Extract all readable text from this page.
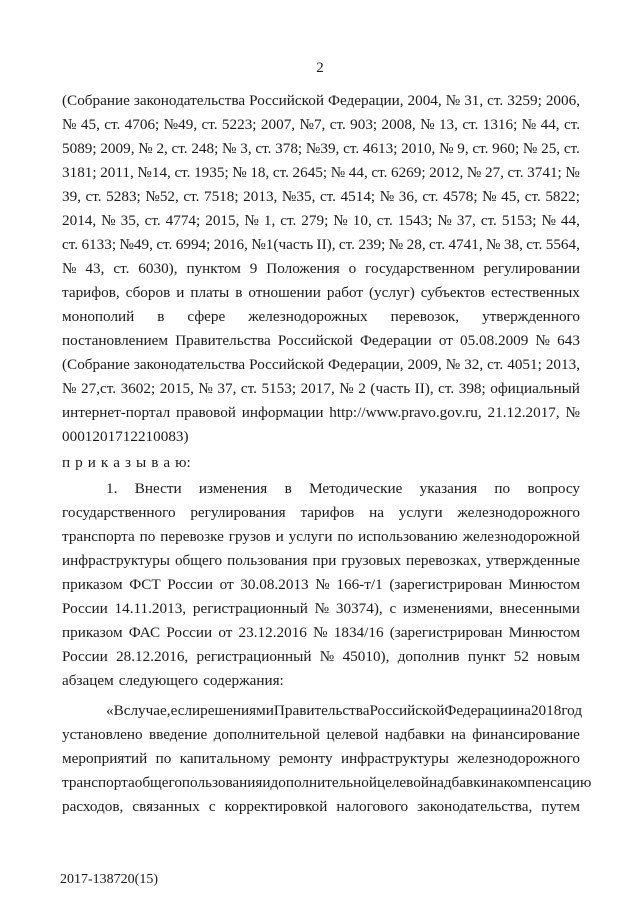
2
(Собрание законодательства Российской Федерации, 2004, № 31, ст. 3259; 2006,
№ 45, ст. 4706; №49, ст. 5223; 2007, №7, ст. 903; 2008, № 13, ст. 1316; № 44, ст.
5089; 2009, № 2, ст. 248; № 3, ст. 378; №39, ст. 4613; 2010, № 9, ст. 960; № 25, ст.
3181; 2011, №14, ст. 1935; № 18, ст. 2645; № 44, ст. 6269; 2012, № 27, ст. 3741; №
39, ст. 5283; №52, ст. 7518; 2013, №35, ст. 4514; № 36, ст. 4578; № 45, ст. 5822;
2014, № 35, ст. 4774; 2015, № 1, ст. 279; № 10, ст. 1543; № 37, ст. 5153; № 44,
ст. 6133; №49, ст. 6994; 2016, №1(часть II), ст. 239; № 28, ст. 4741, № 38, ст. 5564,
№ 43, ст. 6030), пунктом 9 Положения о государственном регулировании
тарифов, сборов и платы в отношении работ (услуг) субъектов естественных
монополий в сфере железнодорожных перевозок, утвержденного
постановлением Правительства Российской Федерации от 05.08.2009 № 643
(Собрание законодательства Российской Федерации, 2009, № 32, ст. 4051; 2013,
№ 27,ст. 3602; 2015, № 37, ст. 5153; 2017, № 2 (часть II), ст. 398; официальный
интернет-портал правовой информации http://www.pravo.gov.ru, 21.12.2017, №
0001201712210083)
п р и к а з ы в а ю:
1. Внести изменения в Методические указания по вопросу
государственного регулирования тарифов на услуги железнодорожного
транспорта по перевозке грузов и услуги по использованию железнодорожной
инфраструктуры общего пользования при грузовых перевозках, утвержденные
приказом ФСТ России от 30.08.2013 № 166-т/1 (зарегистрирован Минюстом
России 14.11.2013, регистрационный № 30374), с изменениями, внесенными
приказом ФАС России от 23.12.2016 № 1834/16 (зарегистрирован Минюстом
России 28.12.2016, регистрационный № 45010), дополнив пункт 52 новым
абзацем следующего содержания:
«В случае, если решениями Правительства Российской Федерации на 2018 год
установлено введение дополнительной целевой надбавки на финансирование
мероприятий по капитальному ремонту инфраструктуры железнодорожного
транспорта общего пользования и дополнительной целевой надбавки на компенсацию
расходов, связанных с корректировкой налогового законодательства, путем
2017-138720(15)
